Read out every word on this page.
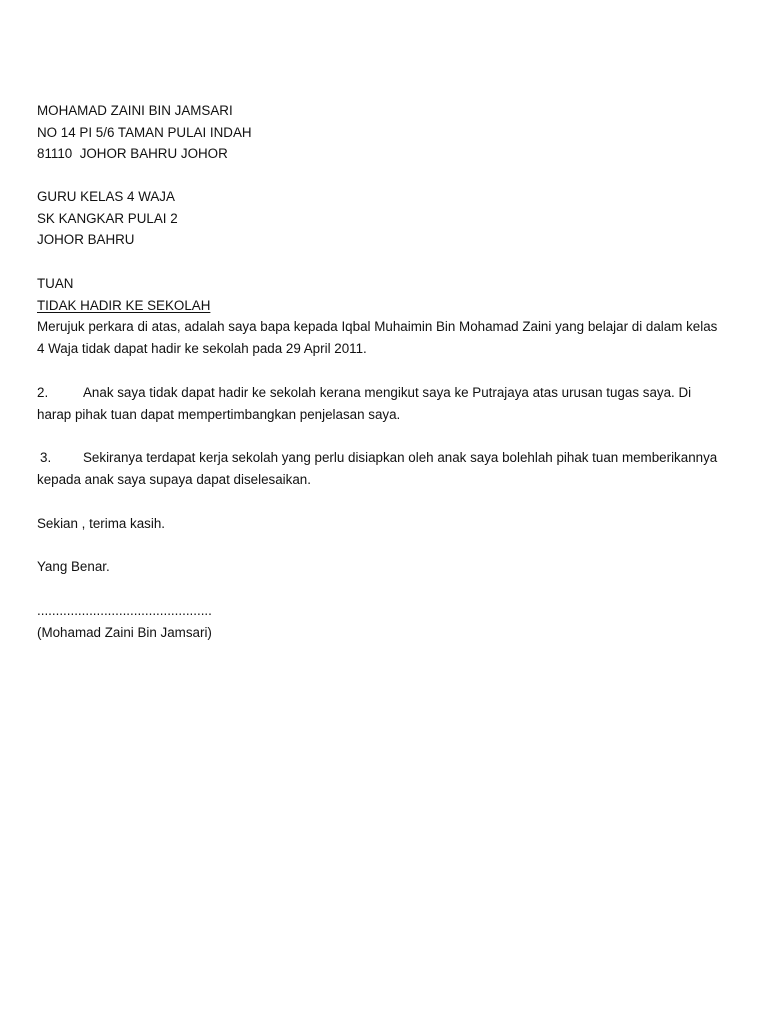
MOHAMAD ZAINI BIN JAMSARI
NO 14 PI 5/6 TAMAN PULAI INDAH
81110  JOHOR BAHRU JOHOR
GURU KELAS 4 WAJA
SK KANGKAR PULAI 2
JOHOR BAHRU
TUAN
TIDAK HADIR KE SEKOLAH

Merujuk perkara di atas, adalah saya bapa kepada Iqbal Muhaimin Bin Mohamad Zaini yang belajar di dalam kelas 4 Waja tidak dapat hadir ke sekolah pada 29 April 2011.

2.	Anak saya tidak dapat hadir ke sekolah kerana mengikut saya ke Putrajaya atas urusan tugas saya. Di harap pihak tuan dapat mempertimbangkan penjelasan saya.

3. Sekiranya terdapat kerja sekolah yang perlu disiapkan oleh anak saya bolehlah pihak tuan memberikannya kepada anak saya supaya dapat diselesaikan.

Sekian , terima kasih.
Yang Benar.
...............................................
(Mohamad Zaini Bin Jamsari)
